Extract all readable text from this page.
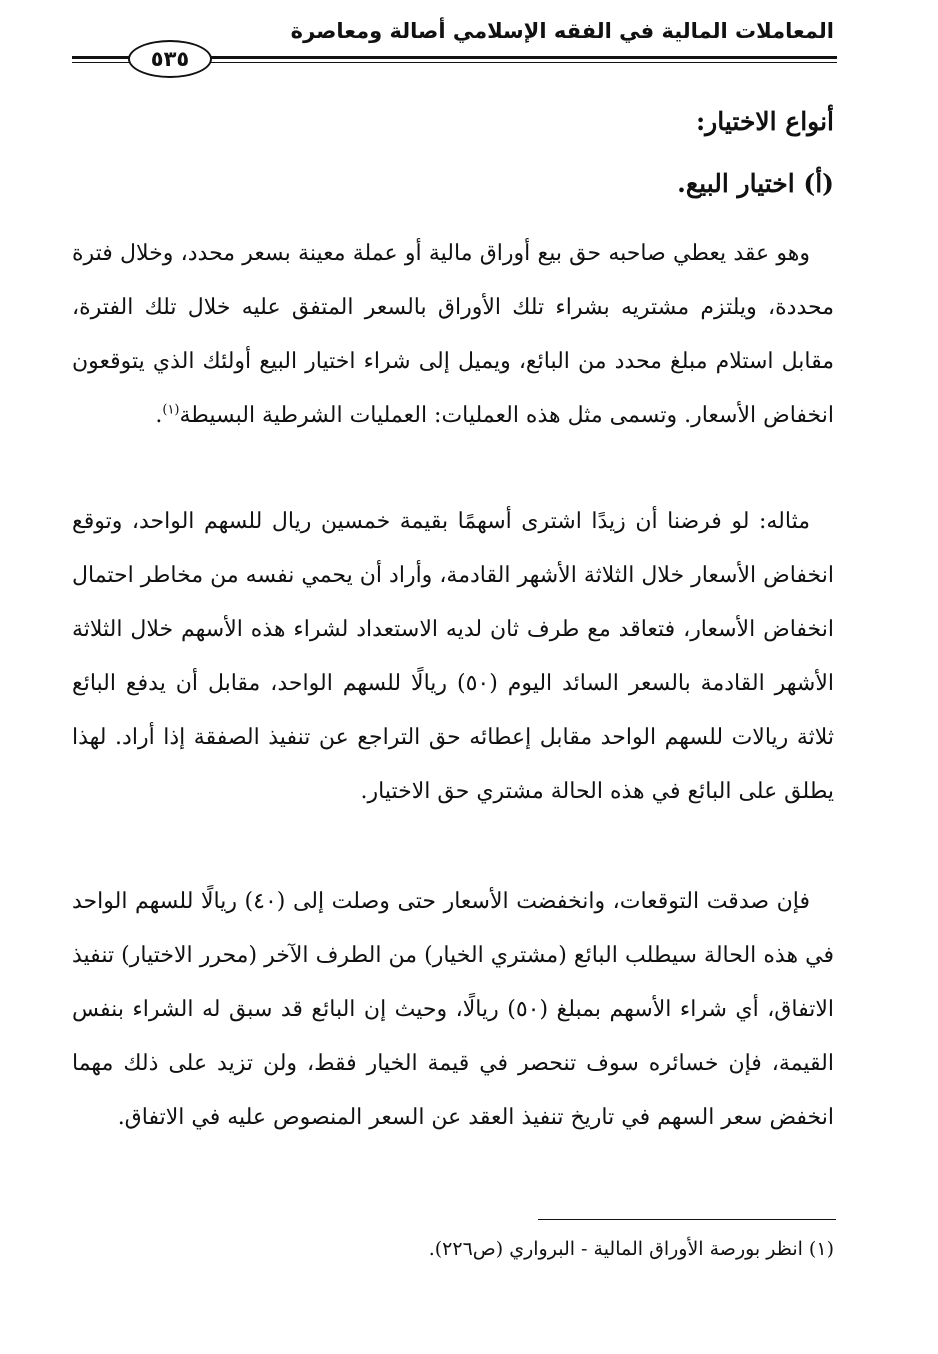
المعاملات المالية في الفقه الإسلامي أصالة ومعاصرة
٥٣٥
أنواع الاختيار:
(أ) اختيار البيع.

وهو عقد يعطي صاحبه حق بيع أوراق مالية أو عملة معينة بسعر محدد، وخلال فترة محددة، ويلتزم مشتريه بشراء تلك الأوراق بالسعر المتفق عليه خلال تلك الفترة، مقابل استلام مبلغ محدد من البائع، ويميل إلى شراء اختيار البيع أولئك الذي يتوقعون انخفاض الأسعار. وتسمى مثل هذه العمليات: العمليات الشرطية البسيطة$^{(١)}$.

مثاله: لو فرضنا أن زيدًا اشترى أسهمًا بقيمة خمسين ريال للسهم الواحد، وتوقع انخفاض الأسعار خلال الثلاثة الأشهر القادمة، وأراد أن يحمي نفسه من مخاطر احتمال انخفاض الأسعار، فتعاقد مع طرف ثان لديه الاستعداد لشراء هذه الأسهم خلال الثلاثة الأشهر القادمة بالسعر السائد اليوم (٥٠) ريالًا للسهم الواحد، مقابل أن يدفع البائع ثلاثة ريالات للسهم الواحد مقابل إعطائه حق التراجع عن تنفيذ الصفقة إذا أراد. لهذا يطلق على البائع في هذه الحالة مشتري حق الاختيار.

فإن صدقت التوقعات، وانخفضت الأسعار حتى وصلت إلى (٤٠) ريالًا للسهم الواحد في هذه الحالة سيطلب البائع (مشتري الخيار) من الطرف الآخر (محرر الاختيار) تنفيذ الاتفاق، أي شراء الأسهم بمبلغ (٥٠) ريالًا، وحيث إن البائع قد سبق له الشراء بنفس القيمة، فإن خسائره سوف تنحصر في قيمة الخيار فقط، ولن تزيد على ذلك مهما انخفض سعر السهم في تاريخ تنفيذ العقد عن السعر المنصوص عليه في الاتفاق.

(١) انظر بورصة الأوراق المالية - البرواري (ص٢٢٦).
